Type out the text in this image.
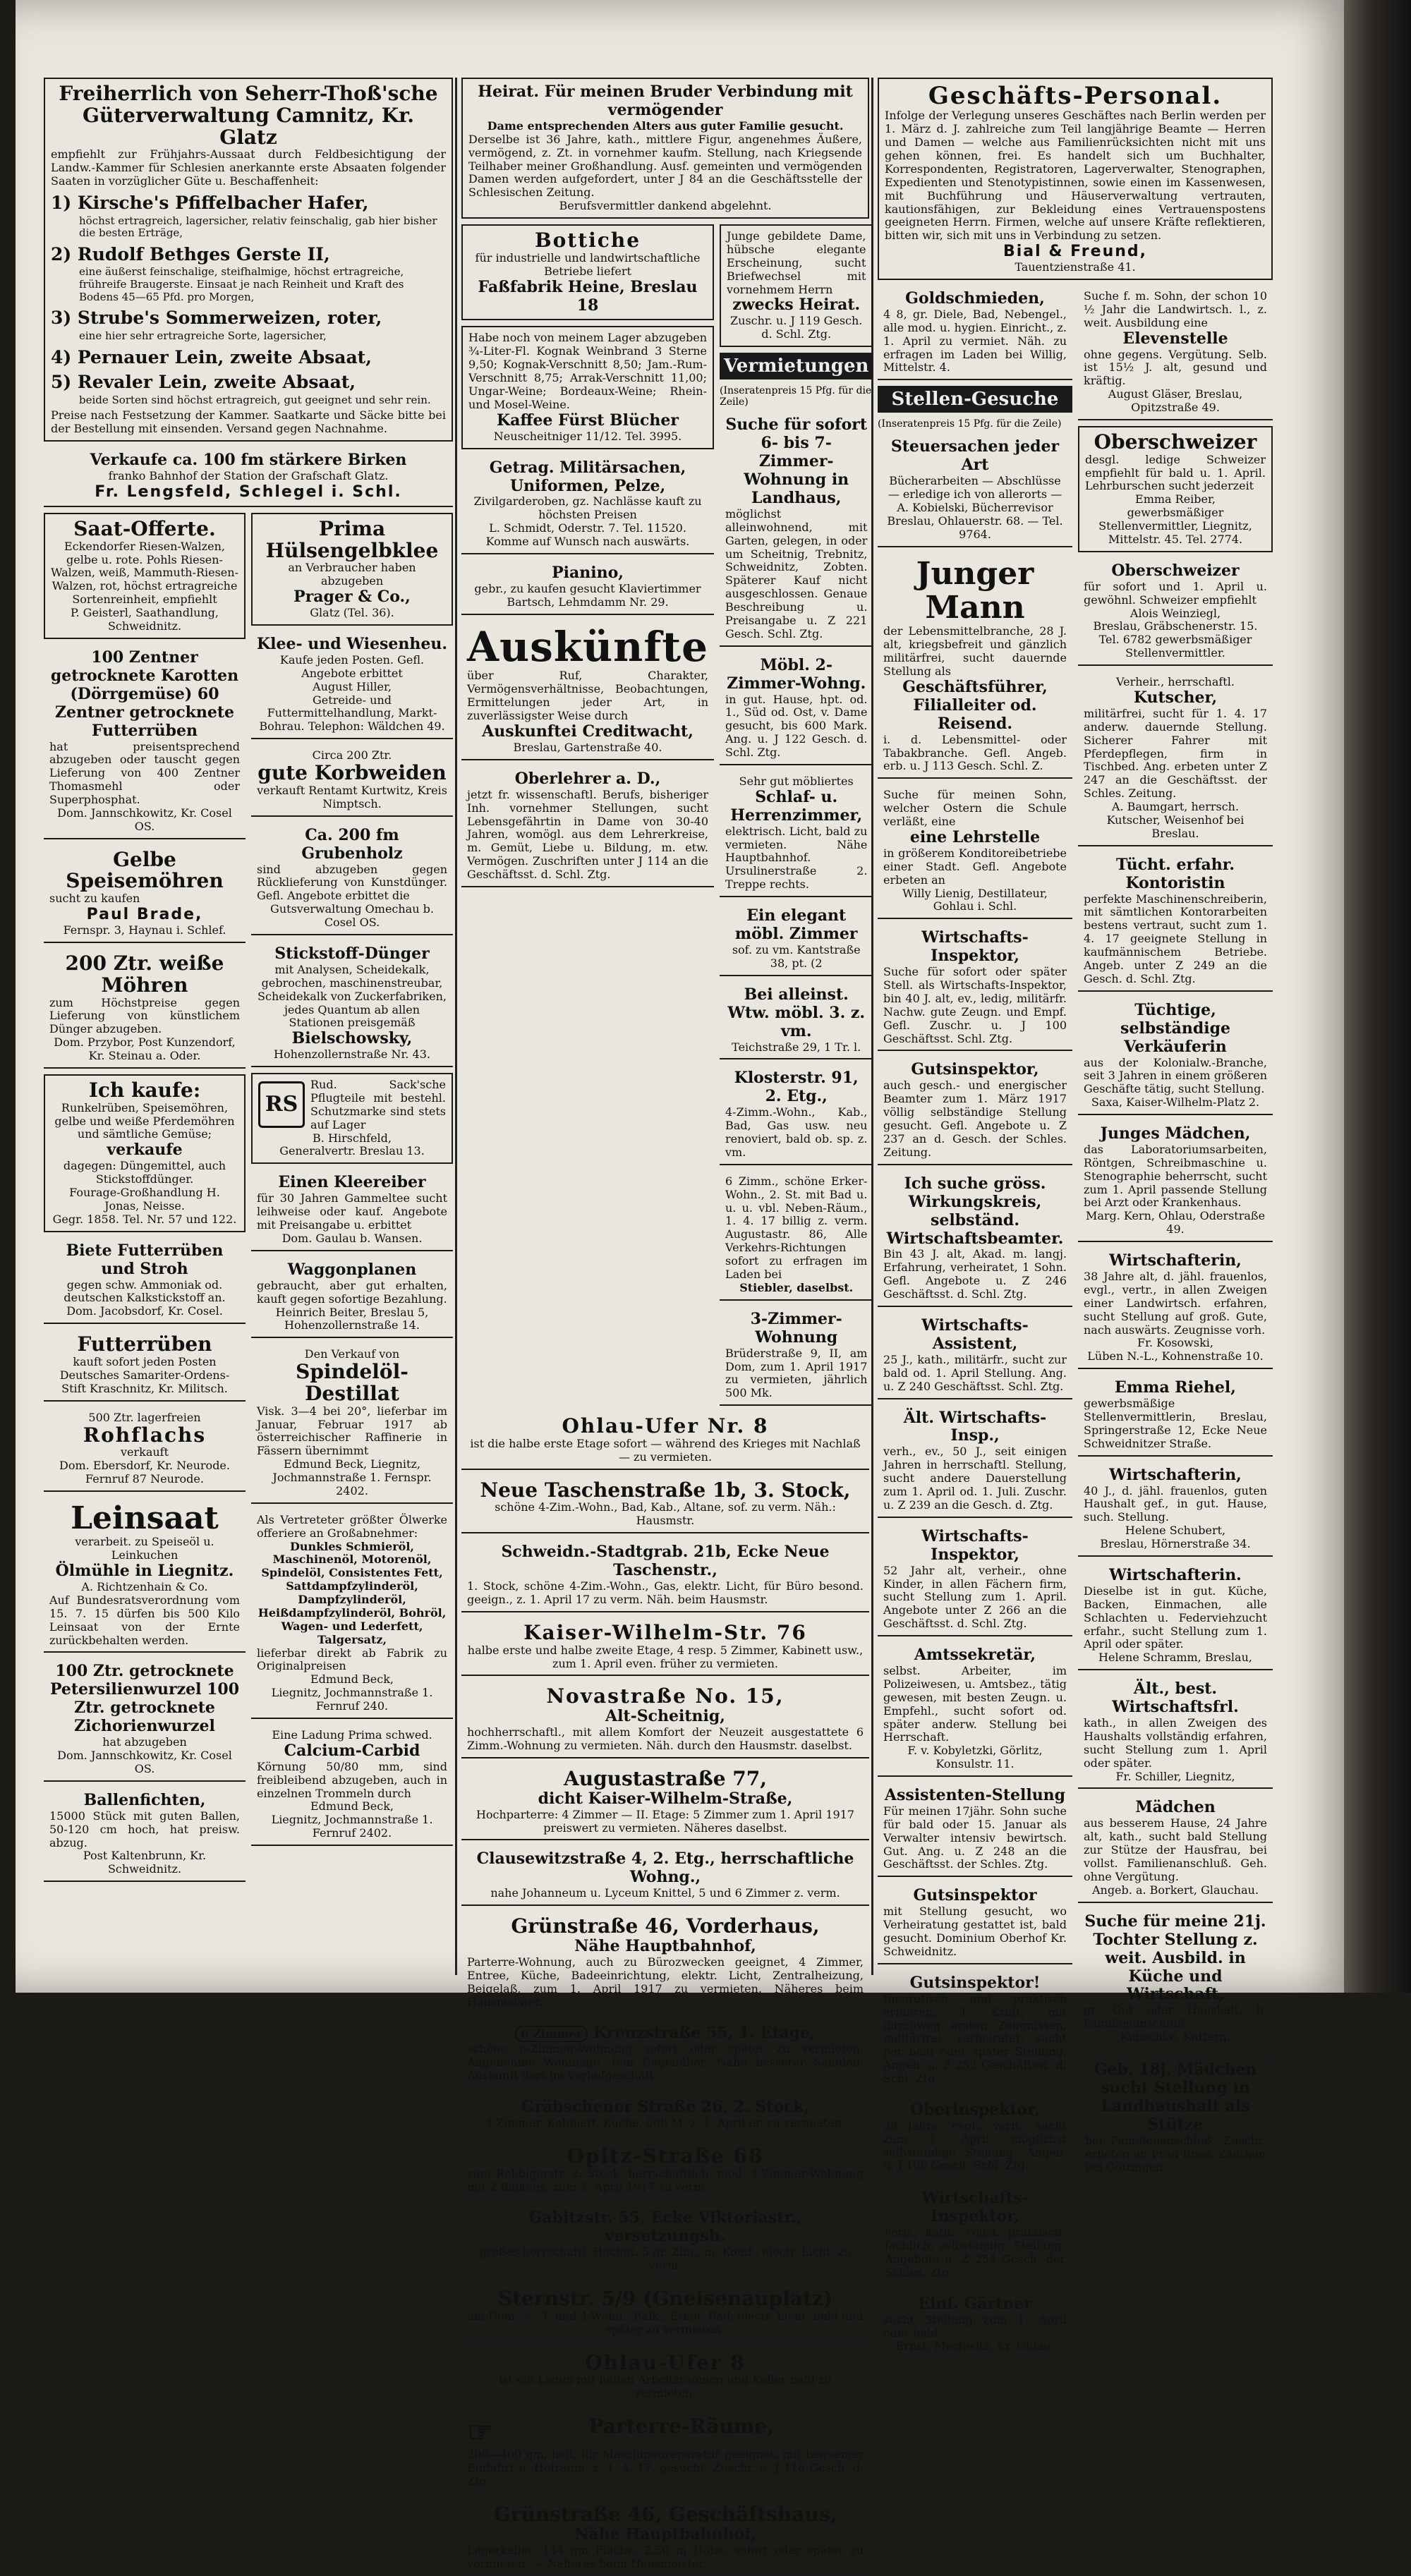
Freiherrlich von Seherr-Thoß'sche Güterverwaltung Camnitz, Kr. Glatz
empfiehlt zur Frühjahrs-Aussaat durch Feldbesichtigung der Landw.-Kammer für Schlesien anerkannte erste Absaaten folgender Saaten in vorzüglicher Güte u. Beschaffenheit:
1) Kirsche's Pfiffelbacher Hafer,

höchst ertragreich, lagersicher, relativ feinschalig, gab hier bisher die besten Erträge,

2) Rudolf Bethges Gerste II,

eine äußerst feinschalige, steifhalmige, höchst ertragreiche, frühreife Braugerste. Einsaat je nach Reinheit und Kraft des Bodens 45—65 Pfd. pro Morgen,

3) Strube's Sommerweizen, roter,

eine hier sehr ertragreiche Sorte, lagersicher,

4) Pernauer Lein, zweite Absaat,
5) Revaler Lein, zweite Absaat,

beide Sorten sind höchst ertragreich, gut geeignet und sehr rein.

Preise nach Festsetzung der Kammer. Saatkarte und Säcke bitte bei der Bestellung mit einsenden. Versand gegen Nachnahme.
Verkaufe ca. 100 fm stärkere Birken
franko Bahnhof der Station der Grafschaft Glatz.
Fr. Lengsfeld, Schlegel i. Schl.
Saat-Offerte.
Eckendorfer Riesen-Walzen, gelbe u. rote. Pohls Riesen-Walzen, weiß, Mammuth-Riesen-Walzen, rot, höchst ertragreiche Sortenreinheit, empfiehlt
P. Geisterl, Saathandlung, Schweidnitz.
100 Zentner getrocknete Karotten (Dörrgemüse) 60 Zentner getrocknete Futterrüben
hat preisentsprechend abzugeben oder tauscht gegen Lieferung von 400 Zentner Thomasmehl oder Superphosphat.
Dom. Jannschkowitz, Kr. Cosel OS.
Gelbe Speisemöhren
sucht zu kaufen
Paul Brade,
Fernspr. 3, Haynau i. Schlef.
200 Ztr. weiße Möhren
zum Höchstpreise gegen Lieferung von künstlichem Dünger abzugeben.
Dom. Przybor, Post Kunzendorf, Kr. Steinau a. Oder.
Ich kaufe:
Runkelrüben, Speisemöhren, gelbe und weiße Pferdemöhren und sämtliche Gemüse;
verkaufe
dagegen: Düngemittel, auch Stickstoffdünger.
Fourage-Großhandlung H. Jonas, Neisse.
Gegr. 1858. Tel. Nr. 57 und 122.
Biete Futterrüben und Stroh
gegen schw. Ammoniak od. deutschen Kalkstickstoff an.
Dom. Jacobsdorf, Kr. Cosel.
Futterrüben
kauft sofort jeden Posten Deutsches Samariter-Ordens-Stift Kraschnitz, Kr. Militsch.
500 Ztr. lagerfreien
Rohflachs
verkauft
Dom. Ebersdorf, Kr. Neurode.
Fernruf 87 Neurode.
Leinsaat
verarbeit. zu Speiseöl u. Leinkuchen
Ölmühle in Liegnitz.
A. Richtzenhain & Co.
Auf Bundesratsverordnung vom 15. 7. 15 dürfen bis 500 Kilo Leinsaat von der Ernte zurückbehalten werden.
100 Ztr. getrocknete Petersilienwurzel 100 Ztr. getrocknete Zichorienwurzel
hat abzugeben
Dom. Jannschkowitz, Kr. Cosel OS.
Ballenfichten,
15000 Stück mit guten Ballen, 50-120 cm hoch, hat preisw. abzug.
Post Kaltenbrunn, Kr. Schweidnitz.
Prima
Hülsengelbklee
an Verbraucher haben abzugeben
Prager & Co.,
Glatz (Tel. 36).
Klee- und Wiesenheu.
Kaufe jeden Posten. Gefl. Angebote erbittet
August Hiller,
Getreide- und Futtermittelhandlung, Markt-Bohrau. Telephon: Wäldchen 49.
Circa 200 Ztr.
gute Korbweiden
verkauft Rentamt Kurtwitz, Kreis Nimptsch.
Ca. 200 fm Grubenholz
sind abzugeben gegen Rücklieferung von Kunstdünger. Gefl. Angebote erbittet die
Gutsverwaltung Omechau b. Cosel OS.
Stickstoff-Dünger
mit Analysen, Scheidekalk, gebrochen, maschinenstreubar, Scheidekalk von Zuckerfabriken, jedes Quantum ab allen Stationen preisgemäß
Bielschowsky,
Hohenzollernstraße Nr. 43.
RS
Rud. Sack'sche Pflugteile mit bestehl. Schutzmarke sind stets auf Lager
B. Hirschfeld,
Generalvertr. Breslau 13.
Einen Kleereiber
für 30 Jahren Gammeltee sucht leihweise oder kauf. Angebote mit Preisangabe u. erbittet
Dom. Gaulau b. Wansen.
Waggonplanen
gebraucht, aber gut erhalten, kauft gegen sofortige Bezahlung.
Heinrich Beiter, Breslau 5,
Hohenzollernstraße 14.
Den Verkauf von
Spindelöl-Destillat
Visk. 3—4 bei 20°, lieferbar im Januar, Februar 1917 ab österreichischer Raffinerie in Fässern übernimmt
Edmund Beck, Liegnitz,
Jochmannstraße 1. Fernspr. 2402.
Als Vertreteter größter Ölwerke offeriere an Großabnehmer:
Dunkles Schmieröl, Maschinenöl, Motorenöl, Spindelöl, Consistentes Fett, Sattdampfzylinderöl, Dampfzylinderöl, Heißdampfzylinderöl, Bohröl, Wagen- und Lederfett, Talgersatz,
lieferbar direkt ab Fabrik zu Originalpreisen
Edmund Beck,
Liegnitz, Jochmannstraße 1. Fernruf 240.
Eine Ladung Prima schwed.
Calcium-Carbid
Körnung 50/80 mm, sind freibleibend abzugeben, auch in einzelnen Trommeln durch
Edmund Beck,
Liegnitz, Jochmannstraße 1. Fernruf 2402.
Heirat. Für meinen Bruder Verbindung mit vermögender
Dame entsprechenden Alters aus guter Familie gesucht.
Derselbe ist 36 Jahre, kath., mittlere Figur, angenehmes Äußere, vermögend, z. Zt. in vornehmer kaufm. Stellung, nach Kriegsende Teilhaber meiner Großhandlung. Ausf. gemeinten und vermögenden Damen werden aufgefordert, unter J 84 an die Geschäftsstelle der Schlesischen Zeitung.
Berufsvermittler dankend abgelehnt.
Bottiche
für industrielle und landwirtschaftliche Betriebe liefert
Faßfabrik Heine, Breslau 18
Habe noch von meinem Lager abzugeben ¾-Liter-Fl. Kognak Weinbrand 3 Sterne 9,50; Kognak-Verschnitt 8,50; Jam.-Rum-Verschnitt 8,75; Arrak-Verschnitt 11,00; Ungar-Weine; Bordeaux-Weine; Rhein- und Mosel-Weine.
Kaffee Fürst Blücher
Neuscheitniger 11/12. Tel. 3995.
Getrag. Militärsachen, Uniformen, Pelze,
Zivilgarderoben, gz. Nachlässe kauft zu höchsten Preisen
L. Schmidt, Oderstr. 7. Tel. 11520.
Komme auf Wunsch nach auswärts.
Pianino,
gebr., zu kaufen gesucht Klaviertimmer
Bartsch, Lehmdamm Nr. 29.
Auskünfte
über Ruf, Charakter, Vermögensverhältnisse, Beobachtungen, Ermittelungen jeder Art, in zuverlässigster Weise durch
Auskunftei Creditwacht,
Breslau, Gartenstraße 40.
Oberlehrer a. D.,
jetzt fr. wissenschaftl. Berufs, bisheriger Inh. vornehmer Stellungen, sucht Lebensgefährtin in Dame von 30-40 Jahren, womögl. aus dem Lehrerkreise, m. Gemüt, Liebe u. Bildung, m. etw. Vermögen. Zuschriften unter J 114 an die Geschäftsst. d. Schl. Ztg.
Junge gebildete Dame, hübsche elegante Erscheinung, sucht Briefwechsel mit vornehmem Herrn
zwecks Heirat.
Zuschr. u. J 119 Gesch. d. Schl. Ztg.
Vermietungen
(Inseratenpreis 15 Pfg. für die Zeile)
Suche für sofort 6- bis 7-Zimmer-Wohnung in Landhaus,
möglichst alleinwohnend, mit Garten, gelegen, in oder um Scheitnig, Trebnitz, Schweidnitz, Zobten. Späterer Kauf nicht ausgeschlossen. Genaue Beschreibung u. Preisangabe u. Z 221 Gesch. Schl. Ztg.
Möbl. 2-Zimmer-Wohng.
in gut. Hause, hpt. od. 1., Süd od. Ost, v. Dame gesucht, bis 600 Mark. Ang. u. J 122 Gesch. d. Schl. Ztg.
Sehr gut möbliertes
Schlaf- u. Herrenzimmer,
elektrisch. Licht, bald zu vermieten. Nähe Hauptbahnhof. Ursulinerstraße 2. Treppe rechts.
Ein elegant möbl. Zimmer
sof. zu vm. Kantstraße 38, pt. (2
Bei alleinst. Wtw. möbl. 3. z. vm.
Teichstraße 29, 1 Tr. l.
Klosterstr. 91, 2. Etg.,
4-Zimm.-Wohn., Kab., Bad, Gas usw. neu renoviert, bald ob. sp. z. vm.
6 Zimm., schöne Erker-Wohn., 2. St. mit Bad u. u. u. vbl. Neben-Räum., 1. 4. 17 billig z. verm. Augustastr. 86, Alle Verkehrs-Richtungen sofort zu erfragen im Laden bei
Stiebler, daselbst.
3-Zimmer-Wohnung
Brüderstraße 9, II, am Dom, zum 1. April 1917 zu vermieten, jährlich 500 Mk.
Ohlau-Ufer Nr. 8
ist die halbe erste Etage sofort — während des Krieges mit Nachlaß — zu vermieten.
Neue Taschenstraße 1b, 3. Stock,
schöne 4-Zim.-Wohn., Bad, Kab., Altane, sof. zu verm. Näh.: Hausmstr.
Schweidn.-Stadtgrab. 21b, Ecke Neue Taschenstr.,
1. Stock, schöne 4-Zim.-Wohn., Gas, elektr. Licht, für Büro besond. geeign., z. 1. April 17 zu verm. Näh. beim Hausmstr.
Kaiser-Wilhelm-Str. 76
halbe erste und halbe zweite Etage, 4 resp. 5 Zimmer, Kabinett usw., zum 1. April even. früher zu vermieten.
Novastraße No. 15,
Alt-Scheitnig,
hochherrschaftl., mit allem Komfort der Neuzeit ausgestattete 6 Zimm.-Wohnung zu vermieten. Näh. durch den Hausmstr. daselbst.
Augustastraße 77,
dicht Kaiser-Wilhelm-Straße,
Hochparterre: 4 Zimmer — II. Etage: 5 Zimmer zum 1. April 1917 preiswert zu vermieten. Näheres daselbst.
Clausewitzstraße 4, 2. Etg., herrschaftliche Wohng.,
nahe Johanneum u. Lyceum Knittel, 5 und 6 Zimmer z. verm.
Grünstraße 46, Vorderhaus,
Nähe Hauptbahnhof,
Parterre-Wohnung, auch zu Bürozwecken geeignet, 4 Zimmer, Entree, Küche, Badeeinrichtung, elektr. Licht, Zentralheizung, Beigelaß, zum 1. April 1917 zu vermieten. Näheres beim Hausmeister.
6 Zimmer Kreuzstraße 55, 1. Etage,
schöne 6-Zimmer-Wohnung sofort oder später zu vermieten. Angenehme Wohnlage, fein Gegenüber, Nähe besserer Schulen. Auskunft dort im Vorhofgeschäft.
Gräbschener Straße 26, 2. Stock,
4 Zimmer, Kabinett, Küche, 660 M. z. 1. April er. zu vermieten.
Opitz-Straße 68
zum Rebbigerstr. 2. Stock, herrschaftlich. mod. 4-Zimmer-Wohnung mit 2 Balkons, zum 1. April 1917 zu verm.
Gabitzstr. 55, Ecke Viktoriastr., versetzungsh.
großes herrschaftl. Hochpt. 5 gr. Zim., m. Komf., electr. Licht, zu verm.
Sternstr. 5/9 (Gneisenauplatz)
am Dom, 2-, 3- und 4-Wohn., Balk., Erker, Bad, electr. Licht, bald und später zu vermieten.
Ohlau-Ufer 8
ist ein Laden mit hellen Arbeitsräumen und Keller bald zu vermieten.
☞	Parterre-Räume,
300—400 qm, hell, für Maschinenreparatur geeignet, mit bequemer Einfahrt u. Hofraum, z. 1. 4. 17. gesucht. Zuschr. u. J 118 Gesch. d. Ztg.
Grünstraße 46, Geschäftshaus,
Nähe Hauptbahnhof,
Lagerkeller, 144 qm Fläche, 2,50 m Höhe, sofort oder später zu vermieten. — Näheres beim Hausmeister.
Geschäfts-Personal.
Infolge der Verlegung unseres Geschäftes nach Berlin werden per 1. März d. J. zahlreiche zum Teil langjährige Beamte — Herren und Damen — welche aus Familienrücksichten nicht mit uns gehen können, frei. Es handelt sich um Buchhalter, Korrespondenten, Registratoren, Lagerverwalter, Stenographen, Expedienten und Stenotypistinnen, sowie einen im Kassenwesen, mit Buchführung und Häuserverwaltung vertrauten, kautionsfähigen, zur Bekleidung eines Vertrauenspostens geeigneten Herrn. Firmen, welche auf unsere Kräfte reflektieren, bitten wir, sich mit uns in Verbindung zu setzen.
Bial & Freund,
Tauentzienstraße 41.
Goldschmieden,
4 8, gr. Diele, Bad, Nebengel., alle mod. u. hygien. Einricht., z. 1. April zu vermiet. Näh. zu erfragen im Laden bei Willig, Mittelstr. 4.
Stellen-Gesuche
(Inseratenpreis 15 Pfg. für die Zeile)
Steuersachen jeder Art
Bücherarbeiten — Abschlüsse — erledige ich von allerorts —
A. Kobielski, Bücherrevisor
Breslau, Ohlauerstr. 68. — Tel. 9764.
Junger Mann
der Lebensmittelbranche, 28 J. alt, kriegsbefreit und gänzlich militärfrei, sucht dauernde Stellung als
Geschäftsführer, Filialleiter od. Reisend.
i. d. Lebensmittel- oder Tabakbranche. Gefl. Angeb. erb. u. J 113 Gesch. Schl. Z.
Suche für meinen Sohn, welcher Ostern die Schule verläßt, eine
eine Lehrstelle
in größerem Konditoreibetriebe einer Stadt. Gefl. Angebote erbeten an
Willy Lienig, Destillateur, Gohlau i. Schl.
Wirtschafts-Inspektor,
Suche für sofort oder später Stell. als Wirtschafts-Inspektor, bin 40 J. alt, ev., ledig, militärfr. Nachw. gute Zeugn. und Empf. Gefl. Zuschr. u. J 100 Geschäftsst. Schl. Ztg.
Gutsinspektor,
auch gesch.- und energischer Beamter zum 1. März 1917 völlig selbständige Stellung gesucht. Gefl. Angebote u. Z 237 an d. Gesch. der Schles. Zeitung.
Ich suche gröss. Wirkungskreis, selbständ. Wirtschaftsbeamter.
Bin 43 J. alt, Akad. m. langj. Erfahrung, verheiratet, 1 Sohn. Gefl. Angebote u. Z 246 Geschäftsst. d. Schl. Ztg.
Wirtschafts-Assistent,
25 J., kath., militärfr., sucht zur bald od. 1. April Stellung. Ang. u. Z 240 Geschäftsst. Schl. Ztg.
Ält. Wirtschafts-Insp.,
verh., ev., 50 J., seit einigen Jahren in herrschaftl. Stellung, sucht andere Dauerstellung zum 1. April od. 1. Juli. Zuschr. u. Z 239 an die Gesch. d. Ztg.
Wirtschafts-Inspektor,
52 Jahr alt, verheir., ohne Kinder, in allen Fächern firm, sucht Stellung zum 1. April. Angebote unter Z 266 an die Geschäftsst. d. Schl. Ztg.
Amtssekretär,
selbst. Arbeiter, im Polizeiwesen, u. Amtsbez., tätig gewesen, mit besten Zeugn. u. Empfehl., sucht sofort od. später anderw. Stellung bei Herrschaft.
F. v. Kobyletzki, Görlitz, Konsulstr. 11.
Assistenten-Stellung
Für meinen 17jähr. Sohn suche für bald oder 15. Januar als Verwalter intensiv bewirtsch. Gut. Ang. u. Z 248 an die Geschäftsst. der Schles. Ztg.
Gutsinspektor
mit Stellung gesucht, wo Verheiratung gestattet ist, bald gesucht. Dominium Oberhof Kr. Schweidnitz.
Gutsinspektor!
theoretisch und praktisch erfahren, 1 Kraft, mit durchweg ersten Zeugnissen, militärfrei, verheiratet, sucht per bald oder später Stellung. Angeb. u. Z 252 Geschäftsst. d. Schl. Ztg.
Oberinspektor,
38 Jahre, evgl., verh., sucht zum 1. April möglichst selbständige Stellung. Angeb. u. J 106 Gesch. Schl. Ztg.
Wirtschafts-Inspektor,
verh., kath., vollst. praktisch, fachlich, selbständig, Stellung. Angebote u. Z 254 Gesch. der Schles. Ztg.
Einf. Gärtner
sucht Stellung zum 1. April oder bald.
Ernst, Mechwitz, Kr. Ohlau.
Suche f. m. Sohn, der schon 10 ½ Jahr die Landwirtsch. l., z. weit. Ausbildung eine
Elevenstelle
ohne gegens. Vergütung. Selb. ist 15½ J. alt, gesund und kräftig.
August Gläser, Breslau, Opitzstraße 49.
Oberschweizer
desgl. ledige Schweizer empfiehlt für bald u. 1. April. Lehrburschen sucht jederzeit
Emma Reiber,
gewerbsmäßiger Stellenvermittler, Liegnitz, Mittelstr. 45. Tel. 2774.
Oberschweizer
für sofort und 1. April u. gewöhnl. Schweizer empfiehlt
Alois Weinziegl,
Breslau, Gräbschenerstr. 15. Tel. 6782 gewerbsmäßiger Stellenvermittler.
Verheir., herrschaftl.
Kutscher,
militärfrei, sucht für 1. 4. 17 anderw. dauernde Stellung. Sicherer Fahrer mit Pferdepflegen, firm in Tischbed. Ang. erbeten unter Z 247 an die Geschäftsst. der Schles. Zeitung.
A. Baumgart, herrsch. Kutscher, Weisenhof bei Breslau.
Tücht. erfahr. Kontoristin
perfekte Maschinenschreiberin, mit sämtlichen Kontorarbeiten bestens vertraut, sucht zum 1. 4. 17 geeignete Stellung in kaufmännischem Betriebe. Angeb. unter Z 249 an die Gesch. d. Schl. Ztg.
Tüchtige, selbständige Verkäuferin
aus der Kolonialw.-Branche, seit 3 Jahren in einem größeren Geschäfte tätig, sucht Stellung.
Saxa, Kaiser-Wilhelm-Platz 2.
Junges Mädchen,
das Laboratoriumsarbeiten, Röntgen, Schreibmaschine u. Stenographie beherrscht, sucht zum 1. April passende Stellung bei Arzt oder Krankenhaus.
Marg. Kern, Ohlau, Oderstraße 49.
Wirtschafterin,
38 Jahre alt, d. jähl. frauenlos, evgl., vertr., in allen Zweigen einer Landwirtsch. erfahren, sucht Stellung auf groß. Gute, nach auswärts. Zeugnisse vorh.
Fr. Kosowski,
Lüben N.-L., Kohnenstraße 10.
Emma Riehel,
gewerbsmäßige Stellenvermittlerin, Breslau, Springerstraße 12, Ecke Neue Schweidnitzer Straße.
Wirtschafterin,
40 J., d. jähl. frauenlos, guten Haushalt gef., in gut. Hause, such. Stellung.
Helene Schubert,
Breslau, Hörnerstraße 34.
Wirtschafterin.
Dieselbe ist in gut. Küche, Backen, Einmachen, alle Schlachten u. Federviehzucht erfahr., sucht Stellung zum 1. April oder später.
Helene Schramm, Breslau,
Ält., best. Wirtschaftsfrl.
kath., in allen Zweigen des Haushalts vollständig erfahren, sucht Stellung zum 1. April oder später.
Fr. Schiller, Liegnitz,
Mädchen
aus besserem Hause, 24 Jahre alt, kath., sucht bald Stellung zur Stütze der Hausfrau, bei vollst. Familienanschluß. Geh. ohne Vergütung.
Angeb. a. Borkert, Glauchau.
Suche für meine 21j. Tochter Stellung z. weit. Ausbild. in Küche und Wirtschaft,
gr. Gut oder Haushalt, b. Familienanschluß.
Kunschke, Kattern.
Geb. 18j. Mädchen sucht Stellung in Landhaushalt als Stütze
bei Familienanschluß. Zuschr. erbeten an Frau Rose, Zanthen bei Göttingen.
